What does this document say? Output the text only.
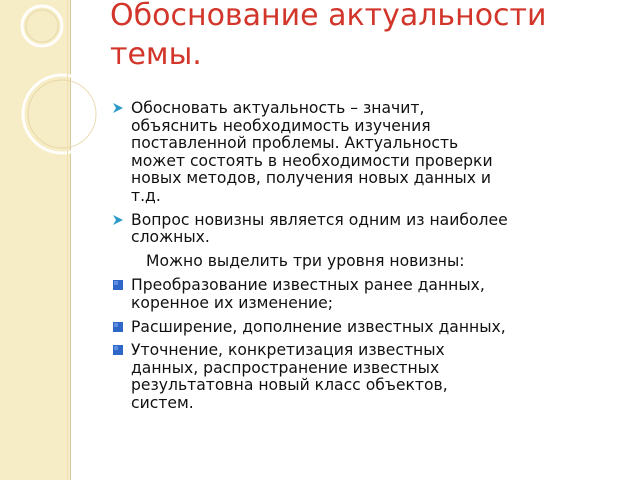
Обоснование актуальности
темы.
Обосновать актуальность – значит,
объяснить необходимость изучения
поставленной проблемы. Актуальность
может состоять в необходимости проверки
новых методов, получения новых данных и
т.д.
Вопрос новизны является одним из наиболее
сложных.
Можно выделить три уровня новизны:
Преобразование известных ранее данных,
коренное их изменение;
Расширение, дополнение известных данных,
Уточнение, конкретизация известных
данных, распространение известных
результатовна новый класс объектов,
систем.
